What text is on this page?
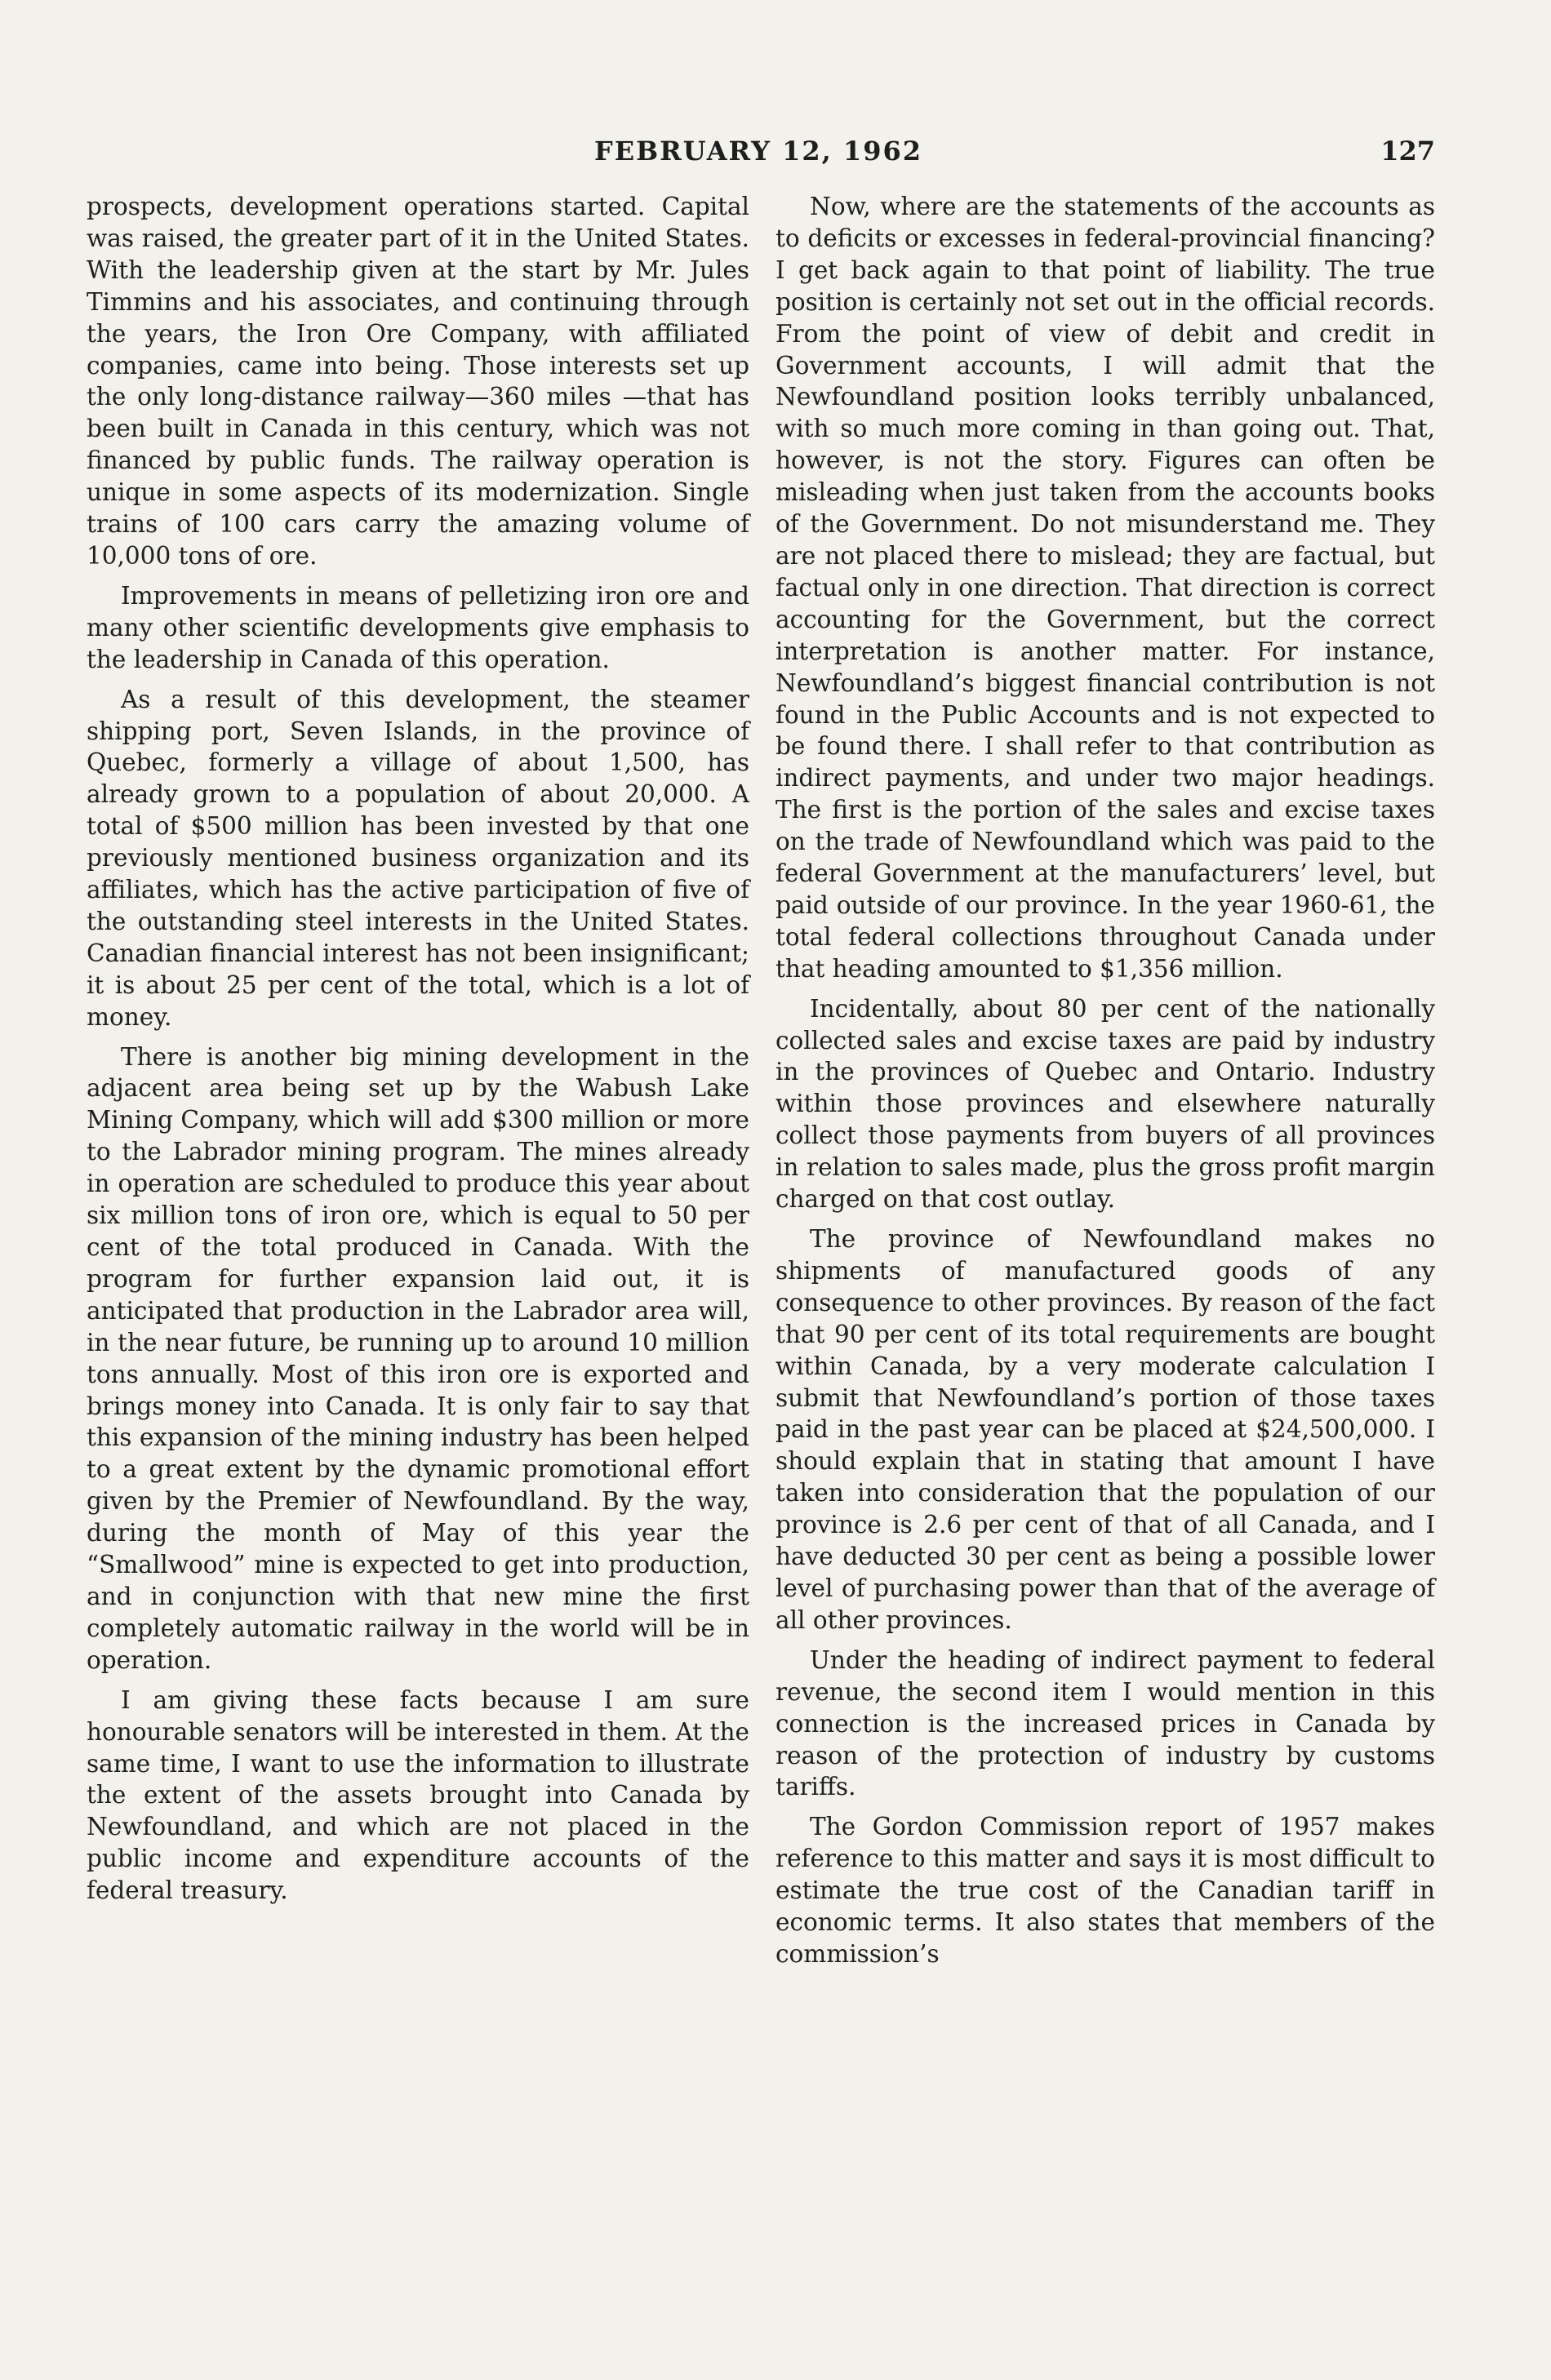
FEBRUARY 12, 1962	127

prospects, development operations started. Capital was raised, the greater part of it in the United States. With the leadership given at the start by Mr. Jules Timmins and his associates, and continuing through the years, the Iron Ore Company, with affiliated companies, came into being. Those interests set up the only long-distance railway—360 miles —that has been built in Canada in this century, which was not financed by public funds. The railway operation is unique in some aspects of its modernization. Single trains of 100 cars carry the amazing volume of 10,000 tons of ore.

Improvements in means of pelletizing iron ore and many other scientific developments give emphasis to the leadership in Canada of this operation.

As a result of this development, the steamer shipping port, Seven Islands, in the province of Quebec, formerly a village of about 1,500, has already grown to a population of about 20,000. A total of $500 million has been invested by that one previously mentioned business organization and its affiliates, which has the active participation of five of the outstanding steel interests in the United States. Canadian financial interest has not been insignificant; it is about 25 per cent of the total, which is a lot of money.

There is another big mining development in the adjacent area being set up by the Wabush Lake Mining Company, which will add $300 million or more to the Labrador mining program. The mines already in operation are scheduled to produce this year about six million tons of iron ore, which is equal to 50 per cent of the total produced in Canada. With the program for further expansion laid out, it is anticipated that production in the Labrador area will, in the near future, be running up to around 10 million tons annually. Most of this iron ore is exported and brings money into Canada. It is only fair to say that this expansion of the mining industry has been helped to a great extent by the dynamic promotional effort given by the Premier of Newfoundland. By the way, during the month of May of this year the “Smallwood” mine is expected to get into production, and in conjunction with that new mine the first completely automatic railway in the world will be in operation.

I am giving these facts because I am sure honourable senators will be interested in them. At the same time, I want to use the information to illustrate the extent of the assets brought into Canada by Newfoundland, and which are not placed in the public income and expenditure accounts of the federal treasury.

Now, where are the statements of the accounts as to deficits or excesses in federal-provincial financing? I get back again to that point of liability. The true position is certainly not set out in the official records. From the point of view of debit and credit in Government accounts, I will admit that the Newfoundland position looks terribly unbalanced, with so much more coming in than going out. That, however, is not the story. Figures can often be misleading when just taken from the accounts books of the Government. Do not misunderstand me. They are not placed there to mislead; they are factual, but factual only in one direction. That direction is correct accounting for the Government, but the correct interpretation is another matter. For instance, Newfoundland’s biggest financial contribution is not found in the Public Accounts and is not expected to be found there. I shall refer to that contribution as indirect payments, and under two major headings. The first is the portion of the sales and excise taxes on the trade of Newfoundland which was paid to the federal Government at the manufacturers’ level, but paid outside of our province. In the year 1960-61, the total federal collections throughout Canada under that heading amounted to $1,356 million.

Incidentally, about 80 per cent of the nationally collected sales and excise taxes are paid by industry in the provinces of Quebec and Ontario. Industry within those provinces and elsewhere naturally collect those payments from buyers of all provinces in relation to sales made, plus the gross profit margin charged on that cost outlay.

The province of Newfoundland makes no shipments of manufactured goods of any consequence to other provinces. By reason of the fact that 90 per cent of its total requirements are bought within Canada, by a very moderate calculation I submit that Newfoundland’s portion of those taxes paid in the past year can be placed at $24,500,000. I should explain that in stating that amount I have taken into consideration that the population of our province is 2.6 per cent of that of all Canada, and I have deducted 30 per cent as being a possible lower level of purchasing power than that of the average of all other provinces.

Under the heading of indirect payment to federal revenue, the second item I would mention in this connection is the increased prices in Canada by reason of the protection of industry by customs tariffs.

The Gordon Commission report of 1957 makes reference to this matter and says it is most difficult to estimate the true cost of the Canadian tariff in economic terms. It also states that members of the commission’s
